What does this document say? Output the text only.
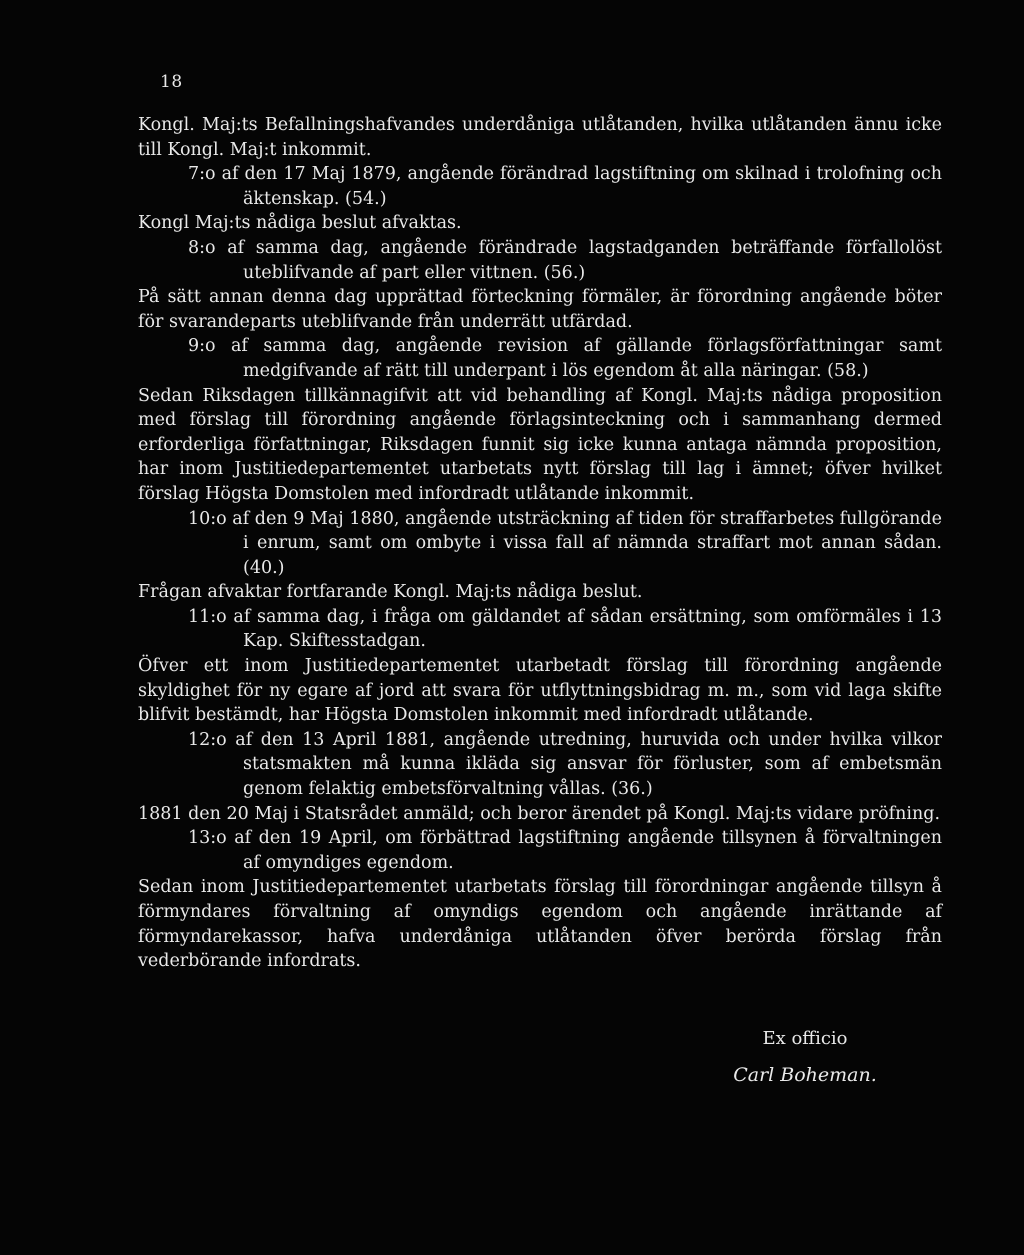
18

Kongl. Maj:ts Befallningshafvandes underdåniga utlåtanden, hvilka utlåtanden ännu icke till Kongl. Maj:t inkommit.

7:o af den 17 Maj 1879, angående förändrad lagstiftning om skilnad i trolofning och äktenskap. (54.)

Kongl Maj:ts nådiga beslut afvaktas.

8:o af samma dag, angående förändrade lagstadganden beträffande förfallolöst uteblifvande af part eller vittnen. (56.)

På sätt annan denna dag upprättad förteckning förmäler, är förordning angående böter för svarandeparts uteblifvande från underrätt utfärdad.

9:o af samma dag, angående revision af gällande förlagsförfattningar samt medgifvande af rätt till underpant i lös egendom åt alla näringar. (58.)

Sedan Riksdagen tillkännagifvit att vid behandling af Kongl. Maj:ts nådiga proposition med förslag till förordning angående förlagsinteckning och i sammanhang dermed erforderliga författningar, Riksdagen funnit sig icke kunna antaga nämnda proposition, har inom Justitiedepartementet utarbetats nytt förslag till lag i ämnet; öfver hvilket förslag Högsta Domstolen med infordradt utlåtande inkommit.

10:o af den 9 Maj 1880, angående utsträckning af tiden för straffarbetes fullgörande i enrum, samt om ombyte i vissa fall af nämnda straffart mot annan sådan. (40.)

Frågan afvaktar fortfarande Kongl. Maj:ts nådiga beslut.

11:o af samma dag, i fråga om gäldandet af sådan ersättning, som omförmäles i 13 Kap. Skiftesstadgan.

Öfver ett inom Justitiedepartementet utarbetadt förslag till förordning angående skyldighet för ny egare af jord att svara för utflyttningsbidrag m. m., som vid laga skifte blifvit bestämdt, har Högsta Domstolen inkommit med infordradt utlåtande.

12:o af den 13 April 1881, angående utredning, huruvida och under hvilka vilkor statsmakten må kunna ikläda sig ansvar för förluster, som af embetsmän genom felaktig embetsförvaltning vållas. (36.)

1881 den 20 Maj i Statsrådet anmäld; och beror ärendet på Kongl. Maj:ts vidare pröfning.

13:o af den 19 April, om förbättrad lagstiftning angående tillsynen å förvaltningen af omyndiges egendom.

Sedan inom Justitiedepartementet utarbetats förslag till förordningar angående tillsyn å förmyndares förvaltning af omyndigs egendom och angående inrättande af förmyndarekassor, hafva underdåniga utlåtanden öfver berörda förslag från vederbörande infordrats.

Ex officio
Carl Boheman.
